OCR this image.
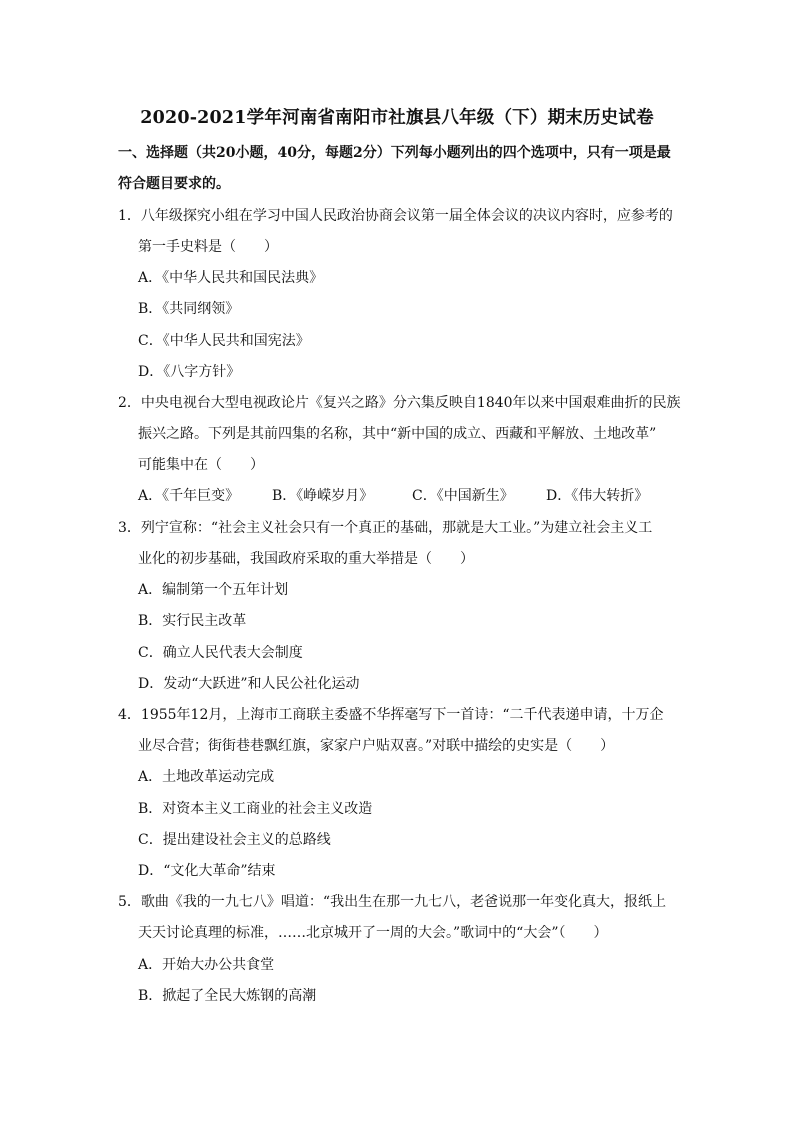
2020-2021学年河南省南阳市社旗县八年级（下）期末历史试卷
一、选择题（共20小题，40分，每题2分）下列每小题列出的四个选项中，只有一项是最
符合题目要求的。
1．八年级探究小组在学习中国人民政治协商会议第一届全体会议的决议内容时，应参考的
第一手史料是（　　）
A．《中华人民共和国民法典》
B．《共同纲领》
C．《中华人民共和国宪法》
D．《八字方针》
2．中央电视台大型电视政论片《复兴之路》分六集反映自1840年以来中国艰难曲折的民族
振兴之路。下列是其前四集的名称，其中“新中国的成立、西藏和平解放、土地改革”
可能集中在（　　）
A．《千年巨变》 B．《峥嵘岁月》	C．《中国新生》 D．《伟大转折》
3．列宁宣称：“社会主义社会只有一个真正的基础，那就是大工业。”为建立社会主义工
业化的初步基础，我国政府采取的重大举措是（　　）
A．编制第一个五年计划
B．实行民主改革
C．确立人民代表大会制度
D．发动“大跃进”和人民公社化运动
4．1955年12月，上海市工商联主委盛不华挥毫写下一首诗：“二千代表递申请，十万企
业尽合营；街街巷巷飘红旗，家家户户贴双喜。”对联中描绘的史实是（　　）
A．土地改革运动完成
B．对资本主义工商业的社会主义改造
C．提出建设社会主义的总路线
D．“文化大革命”结束
5．歌曲《我的一九七八》唱道：“我出生在那一九七八，老爸说那一年变化真大，报纸上
天天讨论真理的标准，……北京城开了一周的大会。”歌词中的“大会”（　　）
A．开始大办公共食堂
B．掀起了全民大炼钢的高潮
